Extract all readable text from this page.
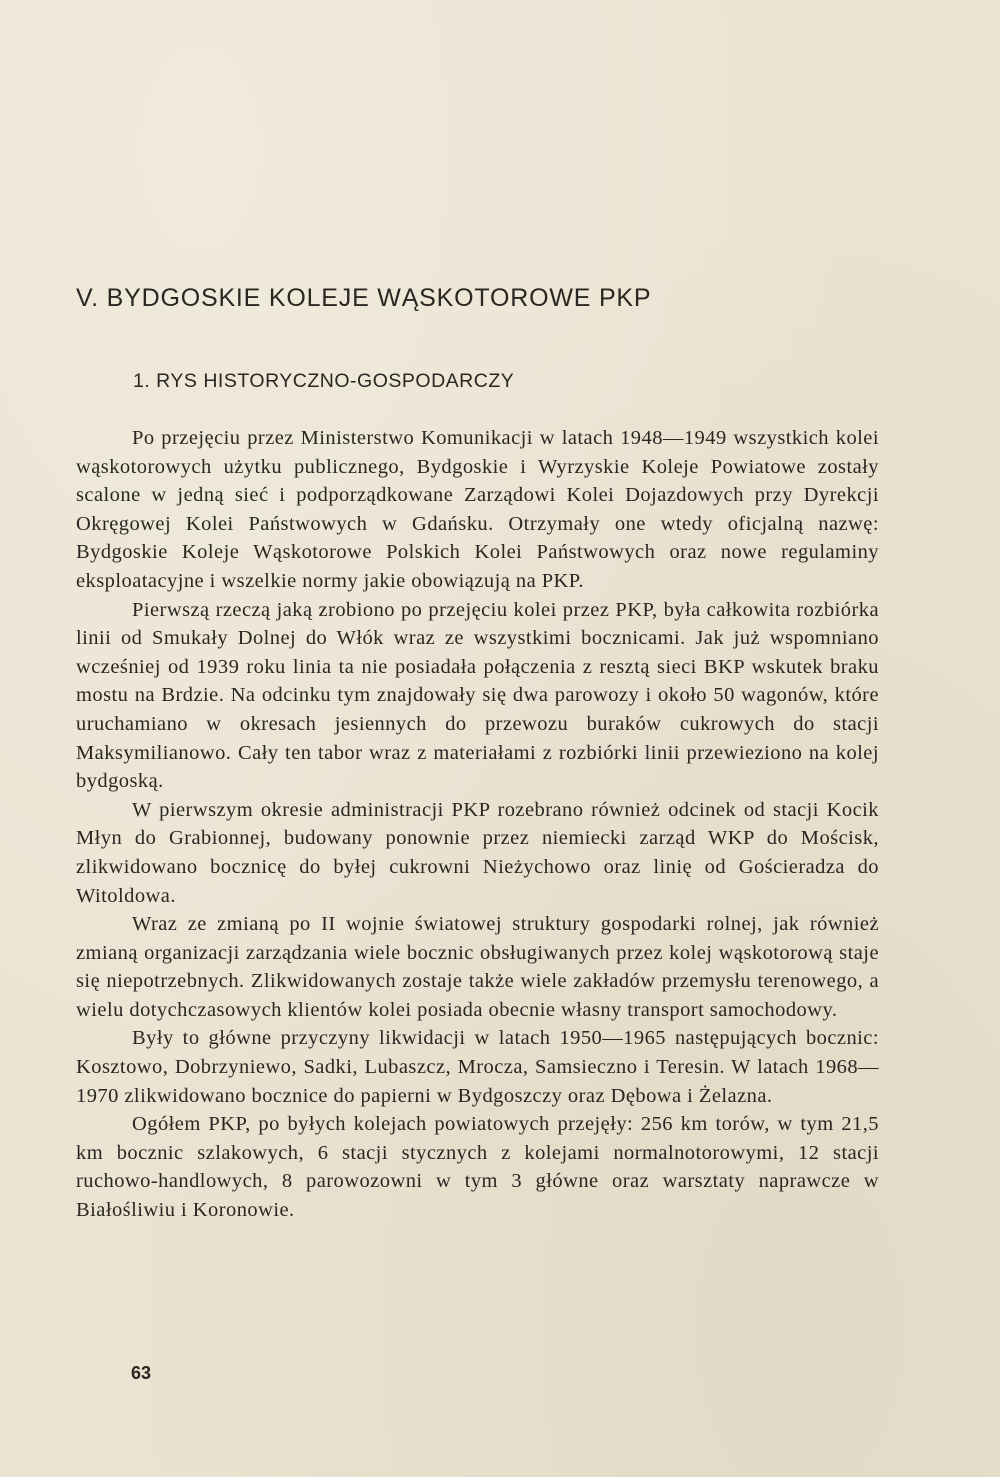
V. BYDGOSKIE KOLEJE WĄSKOTOROWE PKP
1. RYS HISTORYCZNO-GOSPODARCZY

Po przejęciu przez Ministerstwo Komunikacji w latach 1948—1949 wszystkich kolei wąskotorowych użytku publicznego, Bydgoskie i Wyrzyskie Koleje Powiatowe zostały scalone w jedną sieć i podporządkowane Zarządowi Kolei Dojazdowych przy Dyrekcji Okręgowej Kolei Państwowych w Gdańsku. Otrzymały one wtedy oficjalną nazwę: Bydgoskie Koleje Wąskotorowe Polskich Kolei Państwowych oraz nowe regulaminy eksploatacyjne i wszelkie normy jakie obowiązują na PKP.

Pierwszą rzeczą jaką zrobiono po przejęciu kolei przez PKP, była całkowita rozbiórka linii od Smukały Dolnej do Włók wraz ze wszystkimi bocznicami. Jak już wspomniano wcześniej od 1939 roku linia ta nie posiadała połączenia z resztą sieci BKP wskutek braku mostu na Brdzie. Na odcinku tym znajdowały się dwa parowozy i około 50 wagonów, które uruchamiano w okresach jesiennych do przewozu buraków cukrowych do stacji Maksymilianowo. Cały ten tabor wraz z materiałami z rozbiórki linii przewieziono na kolej bydgoską.

W pierwszym okresie administracji PKP rozebrano również odcinek od stacji Kocik Młyn do Grabionnej, budowany ponownie przez niemiecki zarząd WKP do Mościsk, zlikwidowano bocznicę do byłej cukrowni Nieżychowo oraz linię od Gościeradza do Witoldowa.

Wraz ze zmianą po II wojnie światowej struktury gospodarki rolnej, jak również zmianą organizacji zarządzania wiele bocznic obsługiwanych przez kolej wąskotorową staje się niepotrzebnych. Zlikwidowanych zostaje także wiele zakładów przemysłu terenowego, a wielu dotychczasowych klientów kolei posiada obecnie własny transport samochodowy.

Były to główne przyczyny likwidacji w latach 1950—1965 następujących bocznic: Kosztowo, Dobrzyniewo, Sadki, Lubaszcz, Mrocza, Samsieczno i Teresin. W latach 1968—1970 zlikwidowano bocznice do papierni w Bydgoszczy oraz Dębowa i Żelazna.

Ogółem PKP, po byłych kolejach powiatowych przejęły: 256 km torów, w tym 21,5 km bocznic szlakowych, 6 stacji stycznych z kolejami normalnotorowymi, 12 stacji ruchowo-handlowych, 8 parowozowni w tym 3 główne oraz warsztaty naprawcze w Białośliwiu i Koronowie.

63
